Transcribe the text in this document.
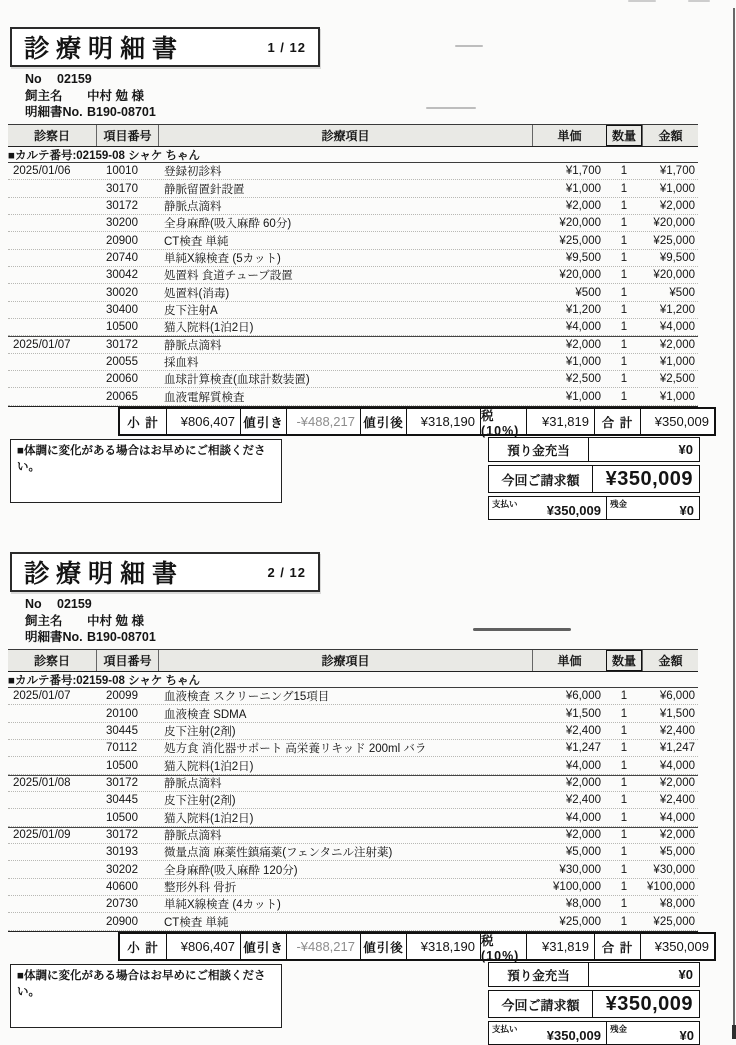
診療明細書	1 / 12
No	02159
飼主名	中村 勉 様
明細書No. B190-08701
診察日	項目番号	診療項目	単価	数量	金額
■カルテ番号:02159-08 シャケ ちゃん
2025/01/06	10010	登録初診料	¥1,700	1	¥1,700
30170	静脈留置針設置	¥1,000	1	¥1,000
30172	静脈点滴料	¥2,000	1	¥2,000
30200	全身麻酔(吸入麻酔 60分)	¥20,000	1	¥20,000
20900	CT検査 単純	¥25,000	1	¥25,000
20740	単純X線検査 (5カット)	¥9,500	1	¥9,500
30042	処置料 食道チューブ設置	¥20,000	1	¥20,000
30020	処置料(消毒)	¥500	1	¥500
30400	皮下注射A	¥1,200	1	¥1,200
10500	猫入院料(1泊2日)	¥4,000	1	¥4,000
2025/01/07	30172	静脈点滴料	¥2,000	1	¥2,000
20055	採血料	¥1,000	1	¥1,000
20060	血球計算検査(血球計数装置)	¥2,500	1	¥2,500
20065	血液電解質検査	¥1,000	1	¥1,000
小 計	¥806,407 値引き -¥488,217 値引後	¥318,190 税(10%)
¥31,819	合 計	¥350,009
■体調に変化がある場合はお早めにご相談ください。
預り金充当	¥0
今回ご請求額	¥350,009
支払い ¥350,009 残金	¥0
診療明細書	2 / 12
No	02159
飼主名	中村 勉 様
明細書No. B190-08701
診察日	項目番号	診療項目	単価	数量	金額
■カルテ番号:02159-08 シャケ ちゃん
2025/01/07	20099	血液検査 スクリーニング15項目	¥6,000	1	¥6,000
20100	血液検査 SDMA	¥1,500	1	¥1,500
30445	皮下注射(2剤)	¥2,400	1	¥2,400
70112	処方食 消化器サポート 高栄養リキッド 200ml バラ	¥1,247	1	¥1,247
10500	猫入院料(1泊2日)	¥4,000	1	¥4,000
2025/01/08	30172	静脈点滴料	¥2,000	1	¥2,000
30445	皮下注射(2剤)	¥2,400	1	¥2,400
10500	猫入院料(1泊2日)	¥4,000	1	¥4,000
2025/01/09	30172	静脈点滴料	¥2,000	1	¥2,000
30193	微量点滴 麻薬性鎮痛薬(フェンタニル注射薬)	¥5,000	1	¥5,000
30202	全身麻酔(吸入麻酔 120分)	¥30,000	1	¥30,000
40600	整形外科 骨折	¥100,000	1	¥100,000
20730	単純X線検査 (4カット)	¥8,000	1	¥8,000
20900	CT検査 単純	¥25,000	1	¥25,000
小 計	¥806,407 値引き -¥488,217 値引後	¥318,190 税(10%)
¥31,819	合 計	¥350,009
■体調に変化がある場合はお早めにご相談ください。
預り金充当	¥0
今回ご請求額	¥350,009
支払い ¥350,009 残金	¥0
